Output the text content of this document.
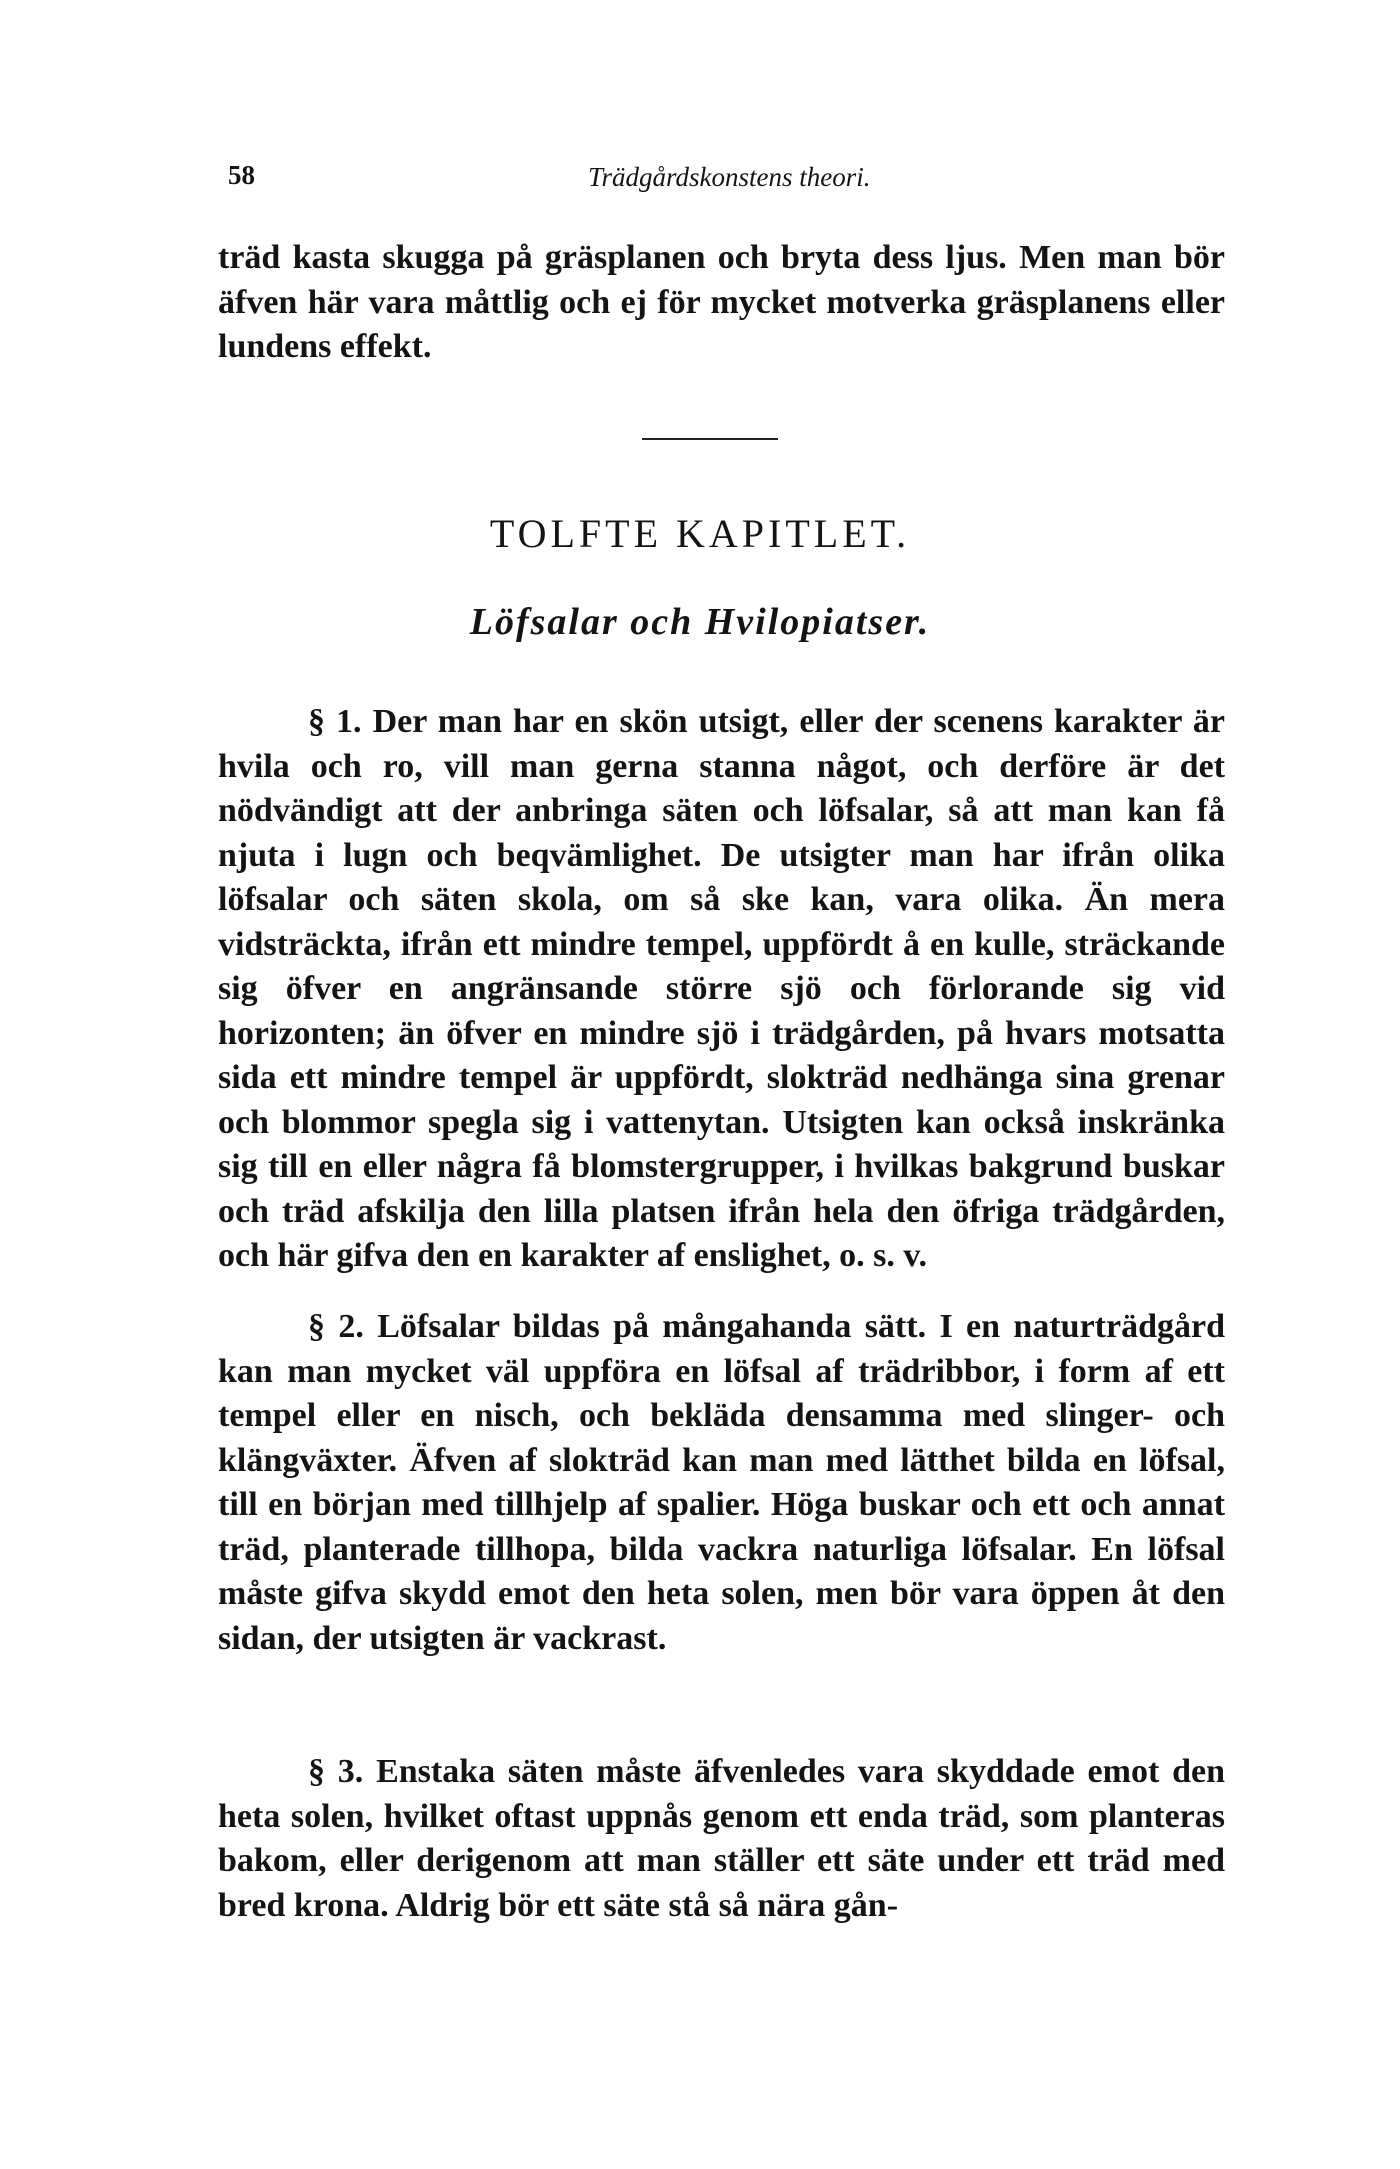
58	Trädgårdskonstens theori.

träd kasta skugga på gräsplanen och bryta dess ljus. Men man bör äfven här vara måttlig och ej för mycket motverka gräsplanens eller lundens effekt.

TOLFTE KAPITLET.
Löfsalar och Hvilopiatser.

§ 1. Der man har en skön utsigt, eller der scenens karakter är hvila och ro, vill man gerna stanna något, och derföre är det nödvändigt att der anbringa säten och löfsalar, så att man kan få njuta i lugn och beqvämlighet. De utsigter man har ifrån olika löfsalar och säten skola, om så ske kan, vara olika. Än mera vidsträckta, ifrån ett mindre tempel, uppfördt å en kulle, sträckande sig öfver en angränsande större sjö och förlorande sig vid horizonten; än öfver en mindre sjö i trädgården, på hvars motsatta sida ett mindre tempel är uppfördt, slokträd nedhänga sina grenar och blommor spegla sig i vattenytan. Utsigten kan också inskränka sig till en eller några få blomstergrupper, i hvilkas bakgrund buskar och träd afskilja den lilla platsen ifrån hela den öfriga trädgården, och här gifva den en karakter af enslighet, o. s. v.

§ 2. Löfsalar bildas på mångahanda sätt. I en naturträdgård kan man mycket väl uppföra en löfsal af trädribbor, i form af ett tempel eller en nisch, och bekläda densamma med slinger- och klängväxter. Äfven af slokträd kan man med lätthet bilda en löfsal, till en början med tillhjelp af spalier. Höga buskar och ett och annat träd, planterade tillhopa, bilda vackra naturliga löfsalar. En löfsal måste gifva skydd emot den heta solen, men bör vara öppen åt den sidan, der utsigten är vackrast.

§ 3. Enstaka säten måste äfvenledes vara skyddade emot den heta solen, hvilket oftast uppnås genom ett enda träd, som planteras bakom, eller derigenom att man ställer ett säte under ett träd med bred krona. Aldrig bör ett säte stå så nära gån-
